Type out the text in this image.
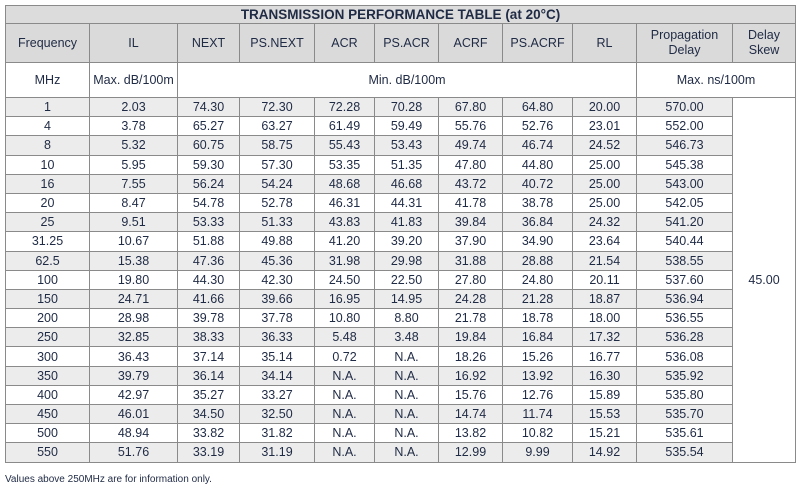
TRANSMISSION PERFORMANCE TABLE (at 20°C)										
Frequency	IL	NEXT	PS.NEXT	ACR	PS.ACR	ACRF	PS.ACRF	RL	Propagation Delay	Delay Skew
MHz	Max. dB/100m	Min. dB/100m							Max. ns/100m	
1	2.03	74.30	72.30	72.28	70.28	67.80	64.80	20.00	570.00	45.00
4	3.78	65.27	63.27	61.49	59.49	55.76	52.76	23.01	552.00	
8	5.32	60.75	58.75	55.43	53.43	49.74	46.74	24.52	546.73	
10	5.95	59.30	57.30	53.35	51.35	47.80	44.80	25.00	545.38	
16	7.55	56.24	54.24	48.68	46.68	43.72	40.72	25.00	543.00	
20	8.47	54.78	52.78	46.31	44.31	41.78	38.78	25.00	542.05	
25	9.51	53.33	51.33	43.83	41.83	39.84	36.84	24.32	541.20	
31.25	10.67	51.88	49.88	41.20	39.20	37.90	34.90	23.64	540.44	
62.5	15.38	47.36	45.36	31.98	29.98	31.88	28.88	21.54	538.55	
100	19.80	44.30	42.30	24.50	22.50	27.80	24.80	20.11	537.60	
150	24.71	41.66	39.66	16.95	14.95	24.28	21.28	18.87	536.94	
200	28.98	39.78	37.78	10.80	8.80	21.78	18.78	18.00	536.55	
250	32.85	38.33	36.33	5.48	3.48	19.84	16.84	17.32	536.28	
300	36.43	37.14	35.14	0.72	N.A.	18.26	15.26	16.77	536.08	
350	39.79	36.14	34.14	N.A.	N.A.	16.92	13.92	16.30	535.92	
400	42.97	35.27	33.27	N.A.	N.A.	15.76	12.76	15.89	535.80	
450	46.01	34.50	32.50	N.A.	N.A.	14.74	11.74	15.53	535.70	
500	48.94	33.82	31.82	N.A.	N.A.	13.82	10.82	15.21	535.61	
550	51.76	33.19	31.19	N.A.	N.A.	12.99	9.99	14.92	535.54	
Values above 250MHz are for information only.
